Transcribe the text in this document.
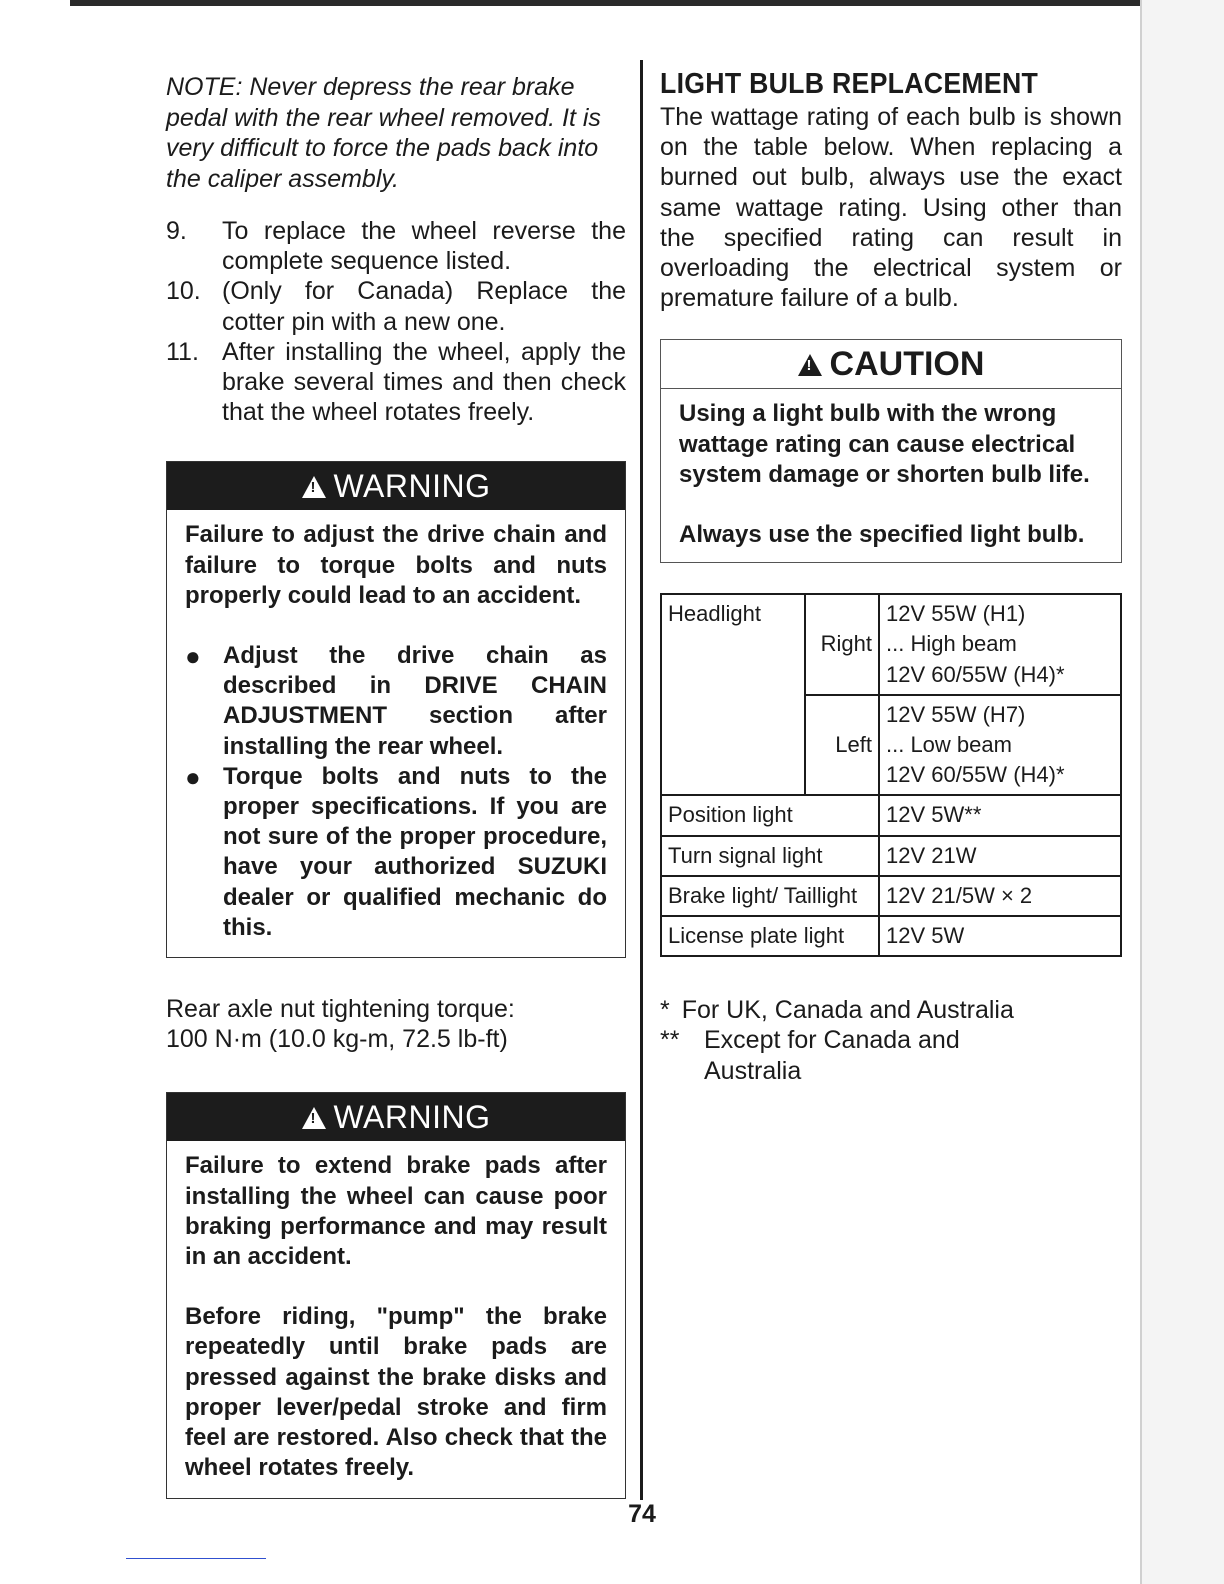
NOTE: Never depress the rear brake pedal with the rear wheel removed. It is very difficult to force the pads back into the caliper assembly.

9.	To replace the wheel reverse the complete sequence listed.
10. (Only for Canada) Replace the cotter pin with a new one.
11. After installing the wheel, apply the brake several times and then check that the wheel rotates freely.
!WARNING

Failure to adjust the drive chain and failure to torque bolts and nuts properly could lead to an accident.

● Adjust the drive chain as described in DRIVE CHAIN ADJUSTMENT section after installing the rear wheel.
● Torque bolts and nuts to the proper specifications. If you are not sure of the proper procedure, have your authorized SUZUKI dealer or qualified mechanic do this.
Rear axle nut tightening torque:
100 N·m (10.0 kg-m, 72.5 lb-ft)
!WARNING

Failure to extend brake pads after installing the wheel can cause poor braking performance and may result in an accident.

Before riding, "pump" the brake repeatedly until brake pads are pressed against the brake disks and proper lever/pedal stroke and firm feel are restored. Also check that the wheel rotates freely.

LIGHT BULB REPLACEMENT

The wattage rating of each bulb is shown on the table below. When replacing a burned out bulb, always use the exact same wattage rating. Using other than the specified rating can result in overloading the electrical system or premature failure of a bulb.

!CAUTION

Using a light bulb with the wrong wattage rating can cause electrical system damage or shorten bulb life.

Always use the specified light bulb.

Headlight	Right	12V 55W (H1)
... High beam
12V 60/55W (H4)*

	Left	12V 55W (H7)
... Low beam
12V 60/55W (H4)*

Position light		12V 5W**
Turn signal light		12V 21W
Brake light/ Taillight		12V 21/5W × 2
License plate light		12V 5W
* For UK, Canada and Australia
** Except for Canada and Australia
74
